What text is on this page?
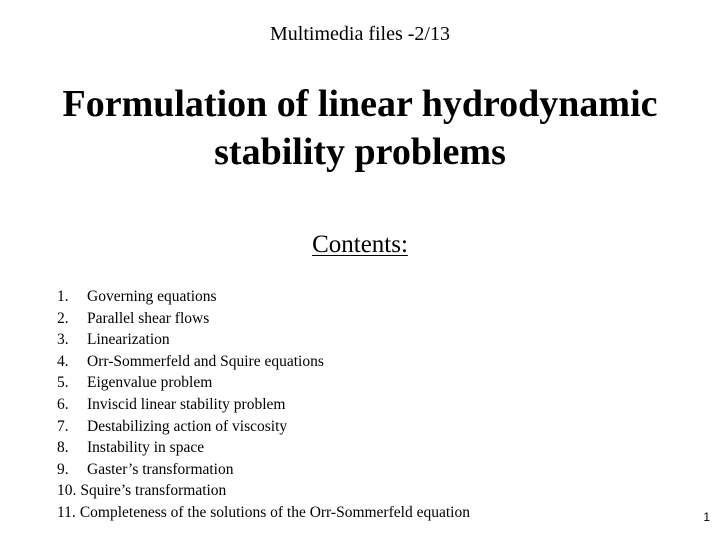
Multimedia files -2/13
Formulation of linear hydrodynamic
stability problems
Contents:
1. Governing equations
2. Parallel shear flows
3. Linearization
4. Orr-Sommerfeld and Squire equations
5. Eigenvalue problem
6. Inviscid linear stability problem
7. Destabilizing action of viscosity
8. Instability in space
9. Gaster’s transformation
10. Squire’s transformation
11. Completeness of the solutions of the Orr-Sommerfeld equation	1
